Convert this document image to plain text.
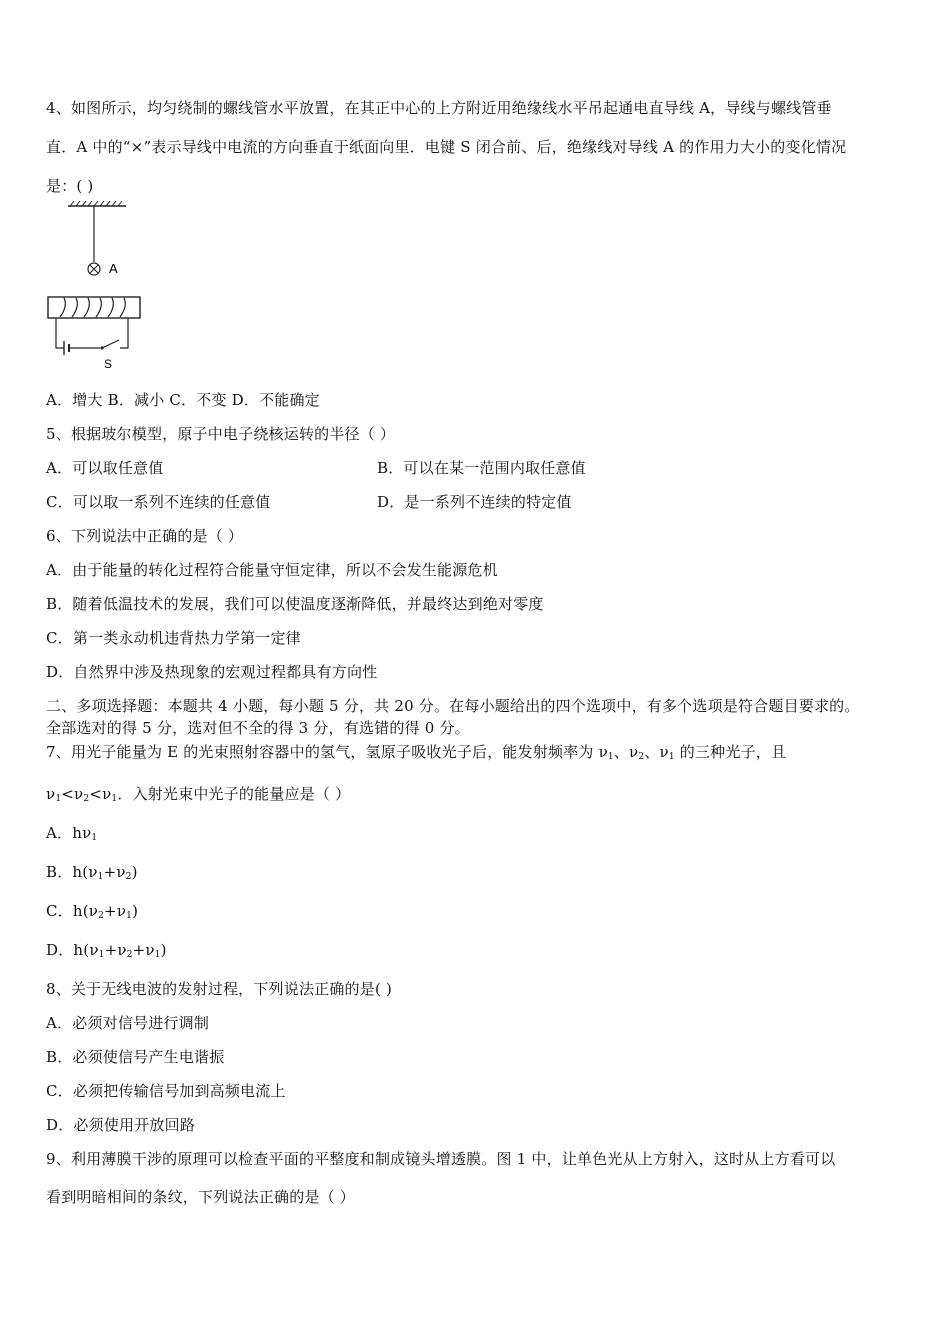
4、如图所示，均匀绕制的螺线管水平放置，在其正中心的上方附近用绝缘线水平吊起通电直导线 A，导线与螺线管垂
直．A 中的“×”表示导线中电流的方向垂直于纸面向里．电键 S 闭合前、后，绝缘线对导线 A 的作用力大小的变化情况
是：( )
A
S
A．增大 B．减小 C．不变 D．不能确定
5、根据玻尔模型，原子中电子绕核运转的半径（ ）
A．可以取任意值	B．可以在某一范围内取任意值
C．可以取一系列不连续的任意值	D．是一系列不连续的特定值
6、下列说法中正确的是（ ）
A．由于能量的转化过程符合能量守恒定律，所以不会发生能源危机
B．随着低温技术的发展，我们可以使温度逐渐降低，并最终达到绝对零度
C．第一类永动机违背热力学第一定律
D．自然界中涉及热现象的宏观过程都具有方向性
二、多项选择题：本题共 4 小题，每小题 5 分，共 20 分。在每小题给出的四个选项中，有多个选项是符合题目要求的。
全部选对的得 5 分，选对但不全的得 3 分，有选错的得 0 分。
7、用光子能量为 E 的光束照射容器中的氢气，氢原子吸收光子后，能发射频率为 $\nu_1$、$\nu_2$、$\nu_1$ 的三种光子，且
$\nu_1<\nu_2<\nu_1$．入射光束中光子的能量应是（ ）
A．$h\nu_1$
B．$h(\nu_1+\nu_2)$
C．$h(\nu_2+\nu_1)$
D．$h(\nu_1+\nu_2+\nu_1)$
8、关于无线电波的发射过程，下列说法正确的是( )
A．必须对信号进行调制
B．必须使信号产生电谐振
C．必须把传输信号加到高频电流上
D．必须使用开放回路
9、利用薄膜干涉的原理可以检查平面的平整度和制成镜头增透膜。图 1 中，让单色光从上方射入，这时从上方看可以
看到明暗相间的条纹，下列说法正确的是（ ）
